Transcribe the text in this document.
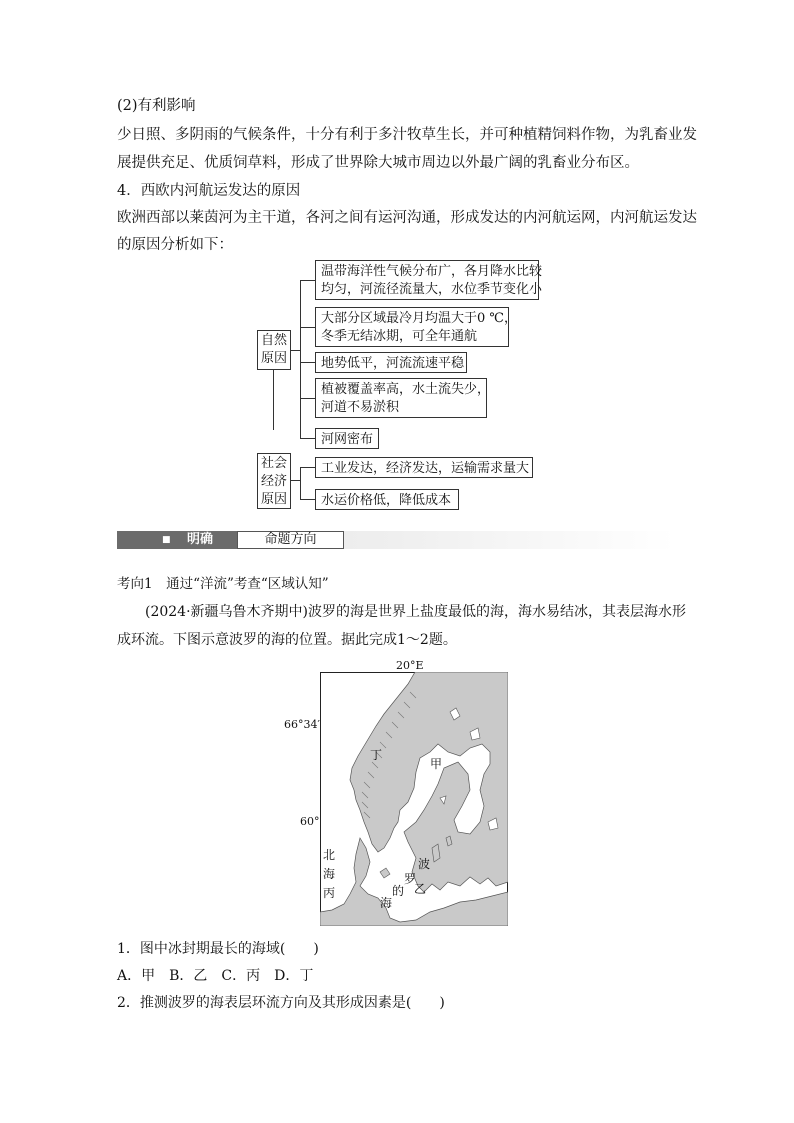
(2)有利影响
少日照、多阴雨的气候条件，十分有利于多汁牧草生长，并可种植精饲料作物，为乳畜业发
展提供充足、优质饲草料，形成了世界除大城市周边以外最广阔的乳畜业分布区。
4．西欧内河航运发达的原因
欧洲西部以莱茵河为主干道，各河之间有运河沟通，形成发达的内河航运网，内河航运发达
的原因分析如下：
自然
原因
社会
经济
原因
温带海洋性气候分布广，各月降水比较
均匀，河流径流量大，水位季节变化小
大部分区域最冷月均温大于0 ℃，
冬季无结冰期，可全年通航
地势低平，河流流速平稳
植被覆盖率高，水土流失少，
河道不易淤积
河网密布
工业发达，经济发达，运输需求量大
水运价格低，降低成本
■ 明确	命题方向
考向1　通过“洋流”考查“区域认知”
(2024·新疆乌鲁木齐期中)波罗的海是世界上盐度最低的海，海水易结冰，其表层海水形
成环流。下图示意波罗的海的位置。据此完成1～2题。
20°E
66°34′
60°
丁
甲
北
海
丙
波
罗
的
海
乙
1．图中冰封期最长的海域(　　)
A．甲　B．乙　C．丙　D．丁
2．推测波罗的海表层环流方向及其形成因素是(　　)
